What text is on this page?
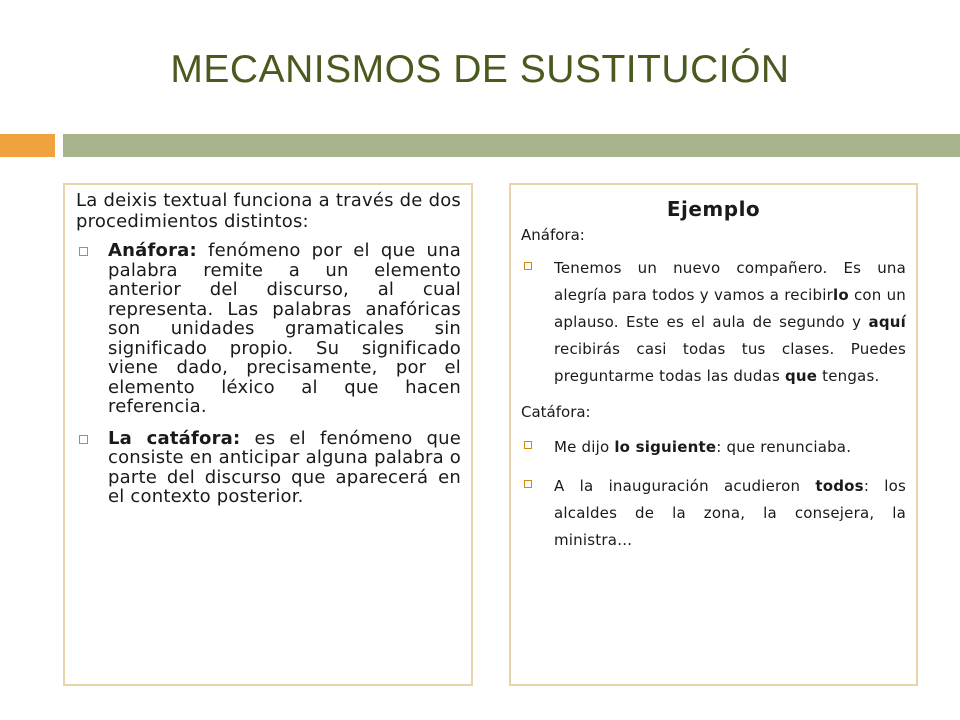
MECANISMOS DE SUSTITUCIÓN

La deixis textual funciona a través de dos procedimientos distintos:

Anáfora: fenómeno por el que una palabra remite a un elemento anterior del discurso, al cual representa. Las palabras anafóricas son unidades gramaticales sin significado propio. Su significado viene dado, precisamente, por el elemento léxico al que hacen referencia.
La catáfora: es el fenómeno que consiste en anticipar alguna palabra o parte del discurso que aparecerá en el contexto posterior.
Ejemplo
Anáfora:
Tenemos un nuevo compañero. Es una alegría para todos y vamos a recibirlo con un aplauso. Este es el aula de segundo y aquí recibirás casi todas tus clases. Puedes preguntarme todas las dudas que tengas.
Catáfora:
Me dijo lo siguiente: que renunciaba.
A la inauguración acudieron todos: los alcaldes de la zona, la consejera, la ministra…
